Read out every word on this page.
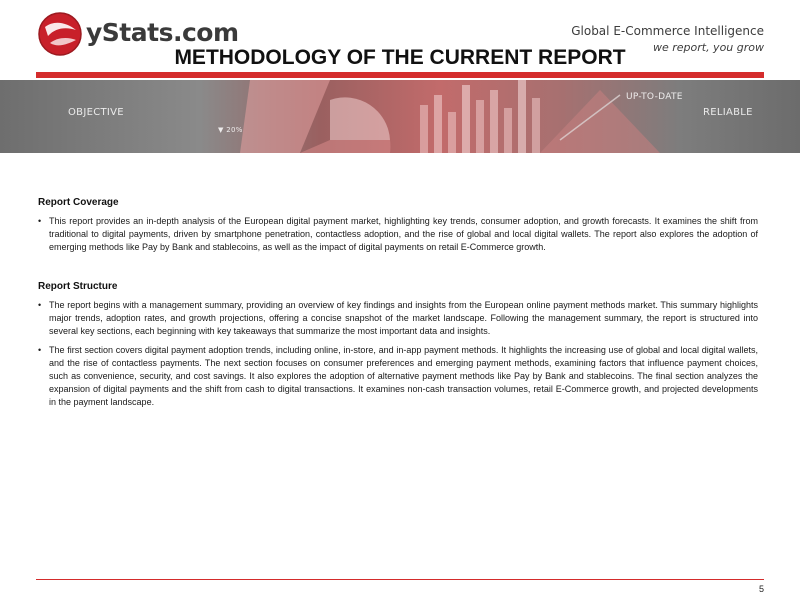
yStats.com	Global E-Commerce Intelligence
we report, you grow
METHODOLOGY OF THE CURRENT REPORT
OBJECTIVE
▼ 20%
UP-TO-DATE
RELIABLE
Report Coverage
• This report provides an in-depth analysis of the European digital payment market, highlighting key trends, consumer adoption, and growth forecasts. It examines the shift from traditional to digital payments, driven by smartphone penetration, contactless adoption, and the rise of global and local digital wallets. The report also explores the adoption of emerging methods like Pay by Bank and stablecoins, as well as the impact of digital payments on retail E-Commerce growth.
Report Structure
• The report begins with a management summary, providing an overview of key findings and insights from the European online payment methods market. This summary highlights major trends, adoption rates, and growth projections, offering a concise snapshot of the market landscape. Following the management summary, the report is structured into several key sections, each beginning with key takeaways that summarize the most important data and insights.
• The first section covers digital payment adoption trends, including online, in-store, and in-app payment methods. It highlights the increasing use of global and local digital wallets, and the rise of contactless payments. The next section focuses on consumer preferences and emerging payment methods, examining factors that influence payment choices, such as convenience, security, and cost savings. It also explores the adoption of alternative payment methods like Pay by Bank and stablecoins. The final section analyzes the expansion of digital payments and the shift from cash to digital transactions. It examines non-cash transaction volumes, retail E-Commerce growth, and projected developments in the payment landscape.
5
